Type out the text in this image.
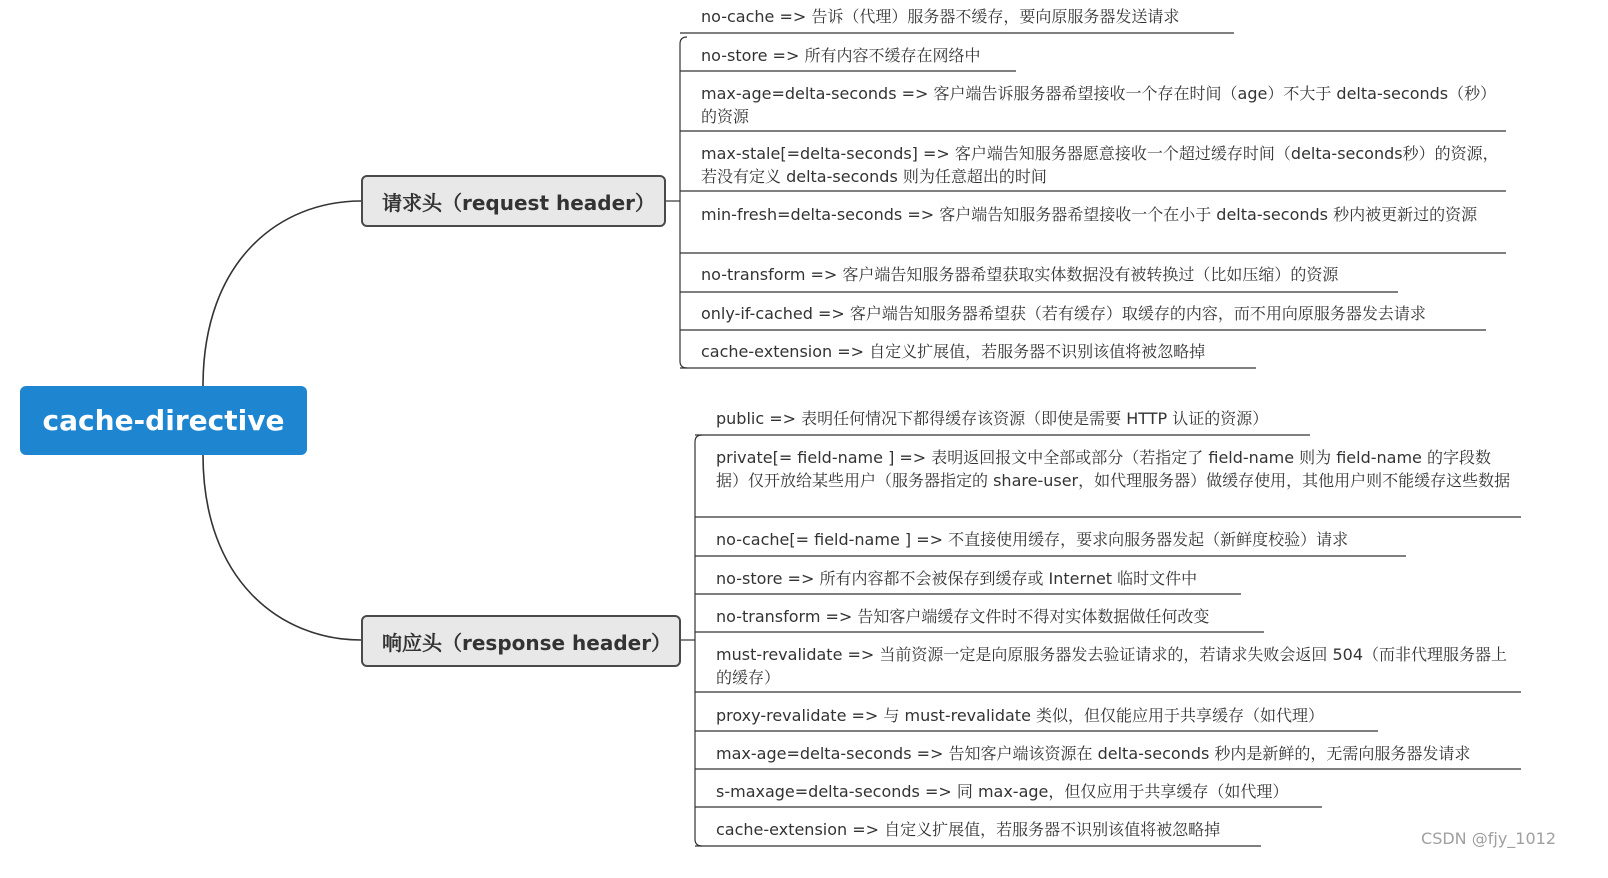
cache-directive
请求头（request header）
响应头（response header）
no-cache => 告诉（代理）服务器不缓存，要向原服务器发送请求
no-store => 所有内容不缓存在网络中
max-age=delta-seconds => 客户端告诉服务器希望接收一个存在时间（age）不大于 delta-seconds（秒）的资源
max-stale[=delta-seconds] => 客户端告知服务器愿意接收一个超过缓存时间（delta-seconds秒）的资源，若没有定义 delta-seconds 则为任意超出的时间
min-fresh=delta-seconds => 客户端告知服务器希望接收一个在小于 delta-seconds 秒内被更新过的资源
no-transform => 客户端告知服务器希望获取实体数据没有被转换过（比如压缩）的资源
only-if-cached => 客户端告知服务器希望获（若有缓存）取缓存的内容，而不用向原服务器发去请求
cache-extension => 自定义扩展值，若服务器不识别该值将被忽略掉
public => 表明任何情况下都得缓存该资源（即使是需要 HTTP 认证的资源）
private[= field-name ] => 表明返回报文中全部或部分（若指定了 field-name 则为 field-name 的字段数据）仅开放给某些用户（服务器指定的 share-user，如代理服务器）做缓存使用，其他用户则不能缓存这些数据
no-cache[= field-name ] => 不直接使用缓存，要求向服务器发起（新鲜度校验）请求
no-store => 所有内容都不会被保存到缓存或 Internet 临时文件中
no-transform => 告知客户端缓存文件时不得对实体数据做任何改变
must-revalidate => 当前资源一定是向原服务器发去验证请求的，若请求失败会返回 504（而非代理服务器上的缓存）
proxy-revalidate => 与 must-revalidate 类似，但仅能应用于共享缓存（如代理）
max-age=delta-seconds => 告知客户端该资源在 delta-seconds 秒内是新鲜的，无需向服务器发请求
s-maxage=delta-seconds => 同 max-age，但仅应用于共享缓存（如代理）
cache-extension => 自定义扩展值，若服务器不识别该值将被忽略掉	CSDN @fjy_1012
